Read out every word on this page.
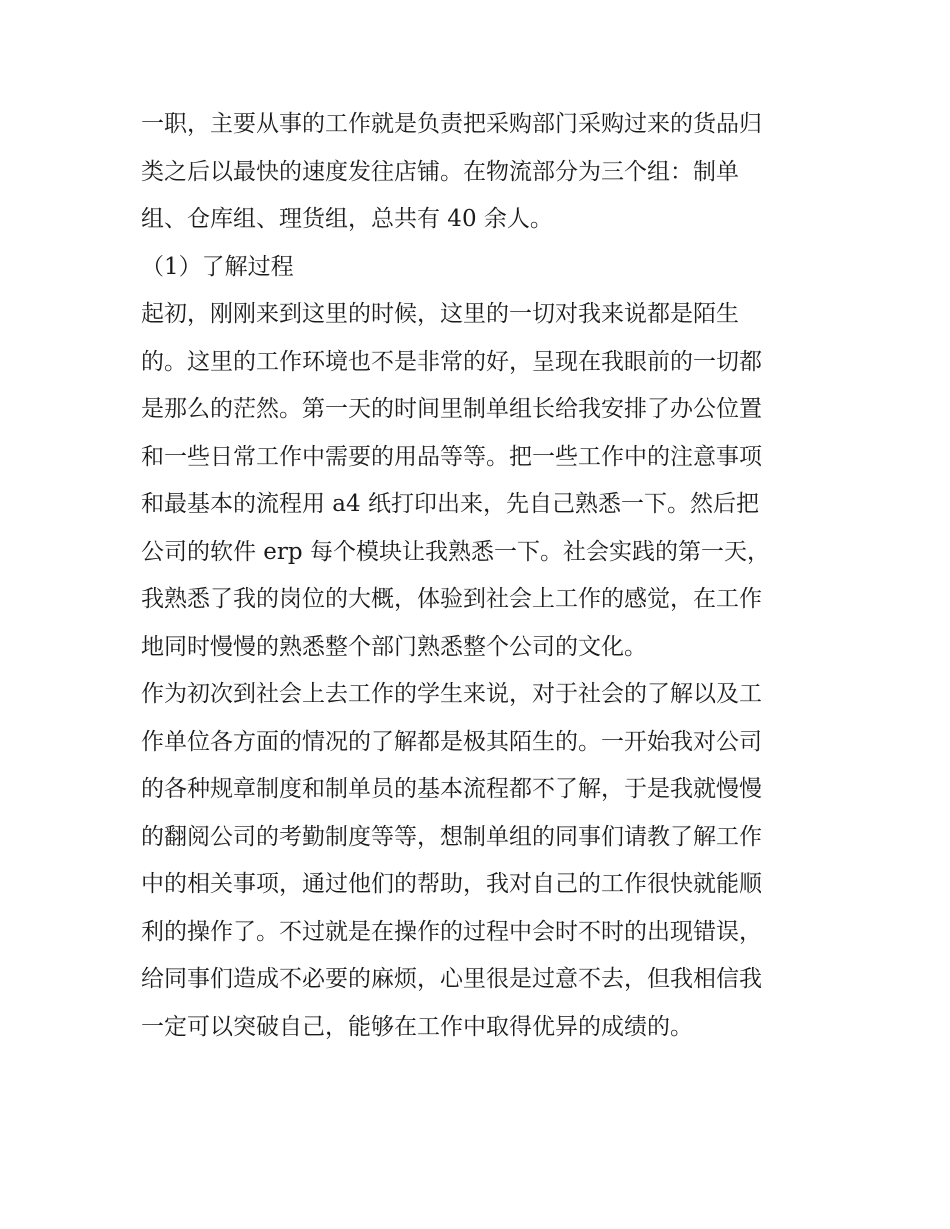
一职，主要从事的工作就是负责把采购部门采购过来的货品归
类之后以最快的速度发往店铺。在物流部分为三个组：制单
组、仓库组、理货组，总共有 40 余人。
（1）了解过程
起初，刚刚来到这里的时候，这里的一切对我来说都是陌生
的。这里的工作环境也不是非常的好，呈现在我眼前的一切都
是那么的茫然。第一天的时间里制单组长给我安排了办公位置
和一些日常工作中需要的用品等等。把一些工作中的注意事项
和最基本的流程用 a4 纸打印出来，先自己熟悉一下。然后把
公司的软件 erp 每个模块让我熟悉一下。社会实践的第一天，
我熟悉了我的岗位的大概，体验到社会上工作的感觉，在工作
地同时慢慢的熟悉整个部门熟悉整个公司的文化。
作为初次到社会上去工作的学生来说，对于社会的了解以及工
作单位各方面的情况的了解都是极其陌生的。一开始我对公司
的各种规章制度和制单员的基本流程都不了解，于是我就慢慢
的翻阅公司的考勤制度等等，想制单组的同事们请教了解工作
中的相关事项，通过他们的帮助，我对自己的工作很快就能顺
利的操作了。不过就是在操作的过程中会时不时的出现错误，
给同事们造成不必要的麻烦，心里很是过意不去，但我相信我
一定可以突破自己，能够在工作中取得优异的成绩的。
